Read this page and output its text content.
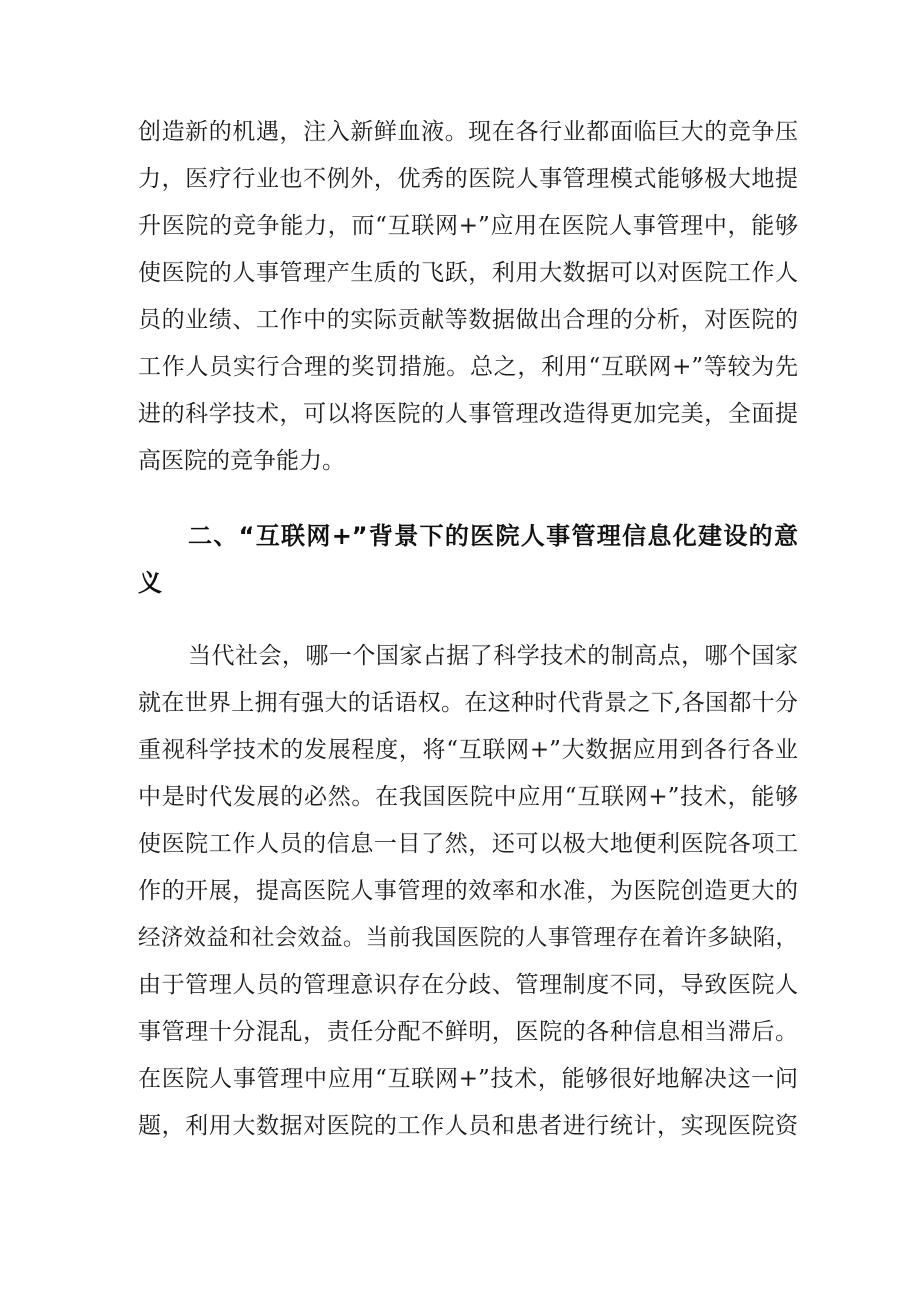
创造新的机遇，注入新鲜血液。现在各行业都面临巨大的竞争压
力，医疗行业也不例外，优秀的医院人事管理模式能够极大地提
升医院的竞争能力，而“互联网+”应用在医院人事管理中，能够
使医院的人事管理产生质的飞跃，利用大数据可以对医院工作人
员的业绩、工作中的实际贡献等数据做出合理的分析，对医院的
工作人员实行合理的奖罚措施。总之，利用“互联网+”等较为先
进的科学技术，可以将医院的人事管理改造得更加完美，全面提
高医院的竞争能力。
二、“互联网+”背景下的医院人事管理信息化建设的意
义
当代社会，哪一个国家占据了科学技术的制高点，哪个国家
就在世界上拥有强大的话语权。在这种时代背景之下,各国都十分
重视科学技术的发展程度，将“互联网+”大数据应用到各行各业
中是时代发展的必然。在我国医院中应用“互联网+”技术，能够
使医院工作人员的信息一目了然，还可以极大地便利医院各项工
作的开展，提高医院人事管理的效率和水准，为医院创造更大的
经济效益和社会效益。当前我国医院的人事管理存在着许多缺陷，
由于管理人员的管理意识存在分歧、管理制度不同，导致医院人
事管理十分混乱，责任分配不鲜明，医院的各种信息相当滞后。
在医院人事管理中应用“互联网+”技术，能够很好地解决这一问
题，利用大数据对医院的工作人员和患者进行统计，实现医院资
